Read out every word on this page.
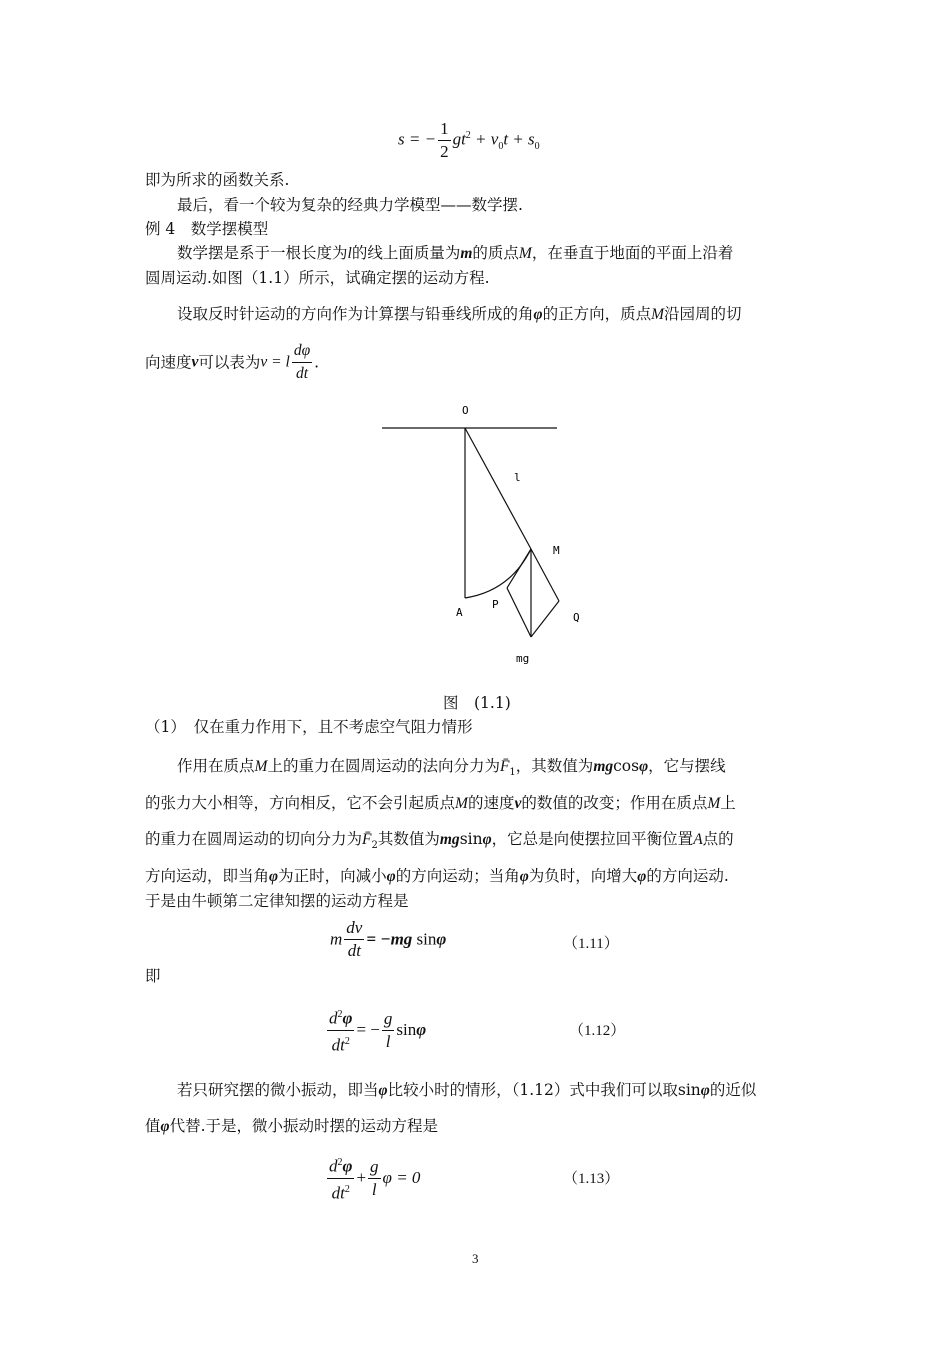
s = − $\frac{1}{2} gt^2 + v_0t + s_0$
即为所求的函数关系.
最后，看一个较为复杂的经典力学模型——数学摆.
例 4　数学摆模型
数学摆是系于一根长度为l的线上面质量为m的质点M，在垂直于地面的平面上沿着
圆周运动.如图（1.1）所示，试确定摆的运动方程.
设取反时针运动的方向作为计算摆与铅垂线所成的角φ的正方向，质点M沿园周的切
向速度v可以表为v = l $\frac{d\varphi}{dt}$ .
O
l
M
A
P
Q
mg
图　(1.1)
（1）　仅在重力作用下，且不考虑空气阻力情形
作用在质点M上的重力在圆周运动的法向分力为$F̄_1$，其数值为mgcosφ，它与摆线
的张力大小相等，方向相反，它不会引起质点M的速度v的数值的改变；作用在质点M上
的重力在圆周运动的切向分力为$F̄_2$其数值为mgsinφ，它总是向使摆拉回平衡位置A点的
方向运动，即当角φ为正时，向减小φ的方向运动；当角φ为负时，向增大φ的方向运动.
于是由牛顿第二定律知摆的运动方程是
m $\frac{dv}{dt} = -mg$ sinφ	（1.11）
即
$\frac{d^2\varphi}{dt^2}$ = − $\frac{g}{l}$ sinφ	（1.12）
若只研究摆的微小振动，即当φ比较小时的情形，（1.12）式中我们可以取sinφ的近似
值φ代替.于是，微小振动时摆的运动方程是
$\frac{d^2\varphi}{dt^2} + \frac{g}{l}$ φ = 0	（1.13）
3
